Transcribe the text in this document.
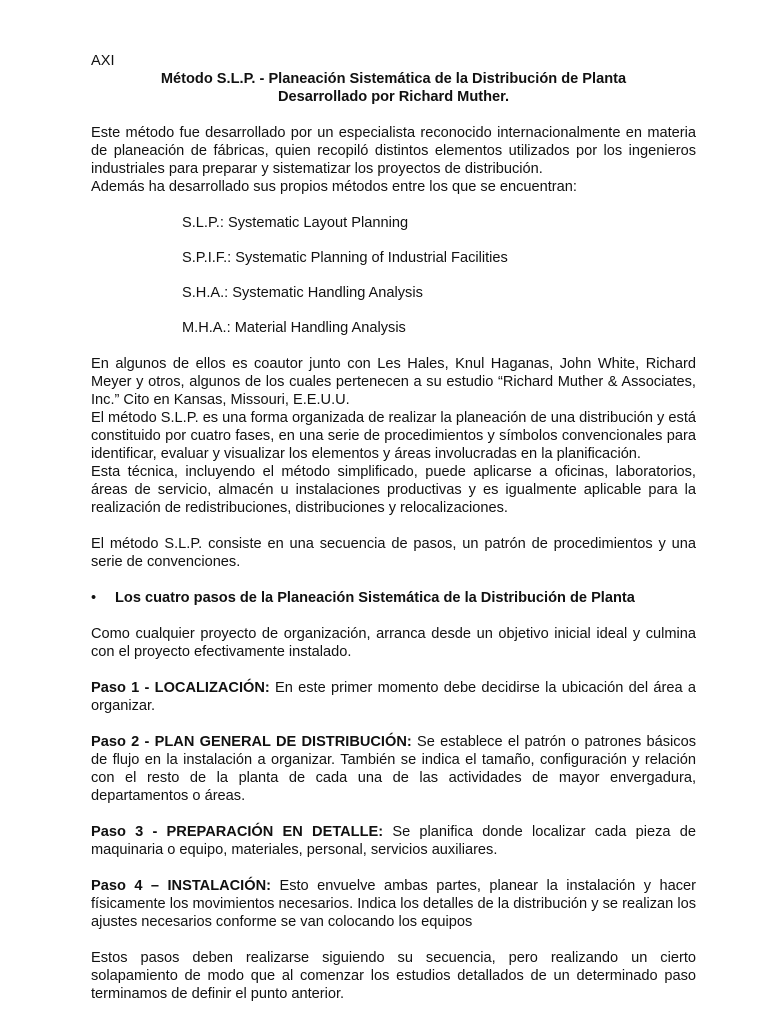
AXI

Método S.L.P. - Planeación Sistemática de la Distribución de Planta

Desarrollado por Richard Muther.

Este método fue desarrollado por un especialista reconocido internacionalmente en materia de planeación de fábricas, quien recopiló distintos elementos utilizados por los ingenieros industriales para preparar y sistematizar los proyectos de distribución.

Además ha desarrollado sus propios métodos entre los que se encuentran:

S.L.P.: Systematic Layout Planning

S.P.I.F.: Systematic Planning of Industrial Facilities

S.H.A.: Systematic Handling Analysis

M.H.A.: Material Handling Analysis

En algunos de ellos es coautor junto con Les Hales, Knul Haganas, John White, Richard Meyer y otros, algunos de los cuales pertenecen a su estudio “Richard Muther & Associates, Inc.” Cito en Kansas, Missouri, E.E.U.U.

El método S.L.P. es una forma organizada de realizar la planeación de una distribución y está constituido por cuatro fases, en una serie de procedimientos y símbolos convencionales para identificar, evaluar y visualizar los elementos y áreas involucradas en la planificación.

Esta técnica, incluyendo el método simplificado, puede aplicarse a oficinas, laboratorios, áreas de servicio, almacén u instalaciones productivas y es igualmente aplicable para la realización de redistribuciones, distribuciones y relocalizaciones.

El método S.L.P. consiste en una secuencia de pasos, un patrón de procedimientos y una serie de convenciones.

•	Los cuatro pasos de la Planeación Sistemática de la Distribución de Planta

Como cualquier proyecto de organización, arranca desde un objetivo inicial ideal y culmina con el proyecto efectivamente instalado.

Paso 1 - LOCALIZACIÓN: En este primer momento debe decidirse la ubicación del área a organizar.

Paso 2 - PLAN GENERAL DE DISTRIBUCIÓN: Se establece el patrón o patrones básicos de flujo en la instalación a organizar. También se indica el tamaño, configuración y relación con el resto de la planta de cada una de las actividades de mayor envergadura, departamentos o áreas.

Paso 3 - PREPARACIÓN EN DETALLE: Se planifica donde localizar cada pieza de maquinaria o equipo, materiales, personal, servicios auxiliares.

Paso 4 – INSTALACIÓN: Esto envuelve ambas partes, planear la instalación y hacer físicamente los movimientos necesarios. Indica los detalles de la distribución y se realizan los ajustes necesarios conforme se van colocando los equipos

Estos pasos deben realizarse siguiendo su secuencia, pero realizando un cierto solapamiento de modo que al comenzar los estudios detallados de un determinado paso terminamos de definir el punto anterior.
